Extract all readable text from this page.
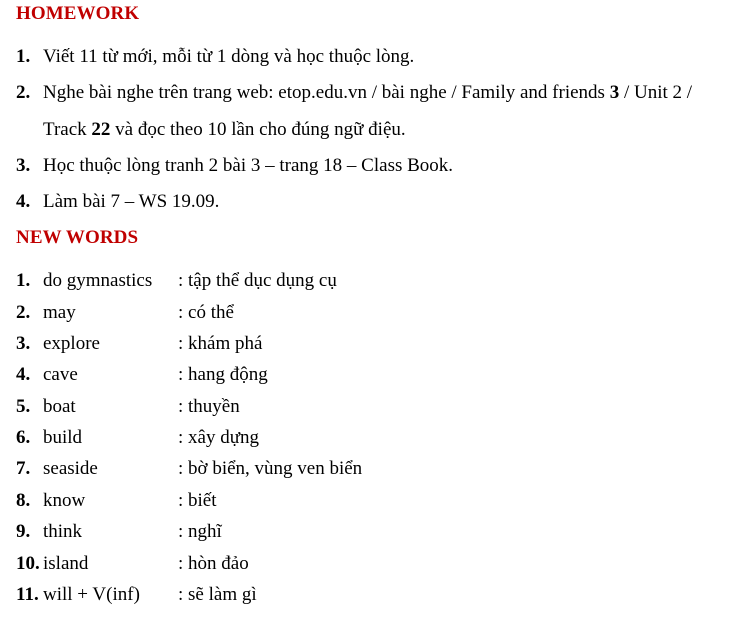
HOMEWORK
1. Viết 11 từ mới, mỗi từ 1 dòng và học thuộc lòng.
2. Nghe bài nghe trên trang web: etop.edu.vn / bài nghe / Family and friends 3 / Unit 2 /
Track 22 và đọc theo 10 lần cho đúng ngữ điệu.
3. Học thuộc lòng tranh 2 bài 3 – trang 18 – Class Book.
4. Làm bài 7 – WS 19.09.
NEW WORDS
1. do gymnastics : tập thể dục dụng cụ
2. may	: có thể
3. explore	: khám phá
4. cave	: hang động
5. boat	: thuyền
6. build	: xây dựng
7. seaside	: bờ biển, vùng ven biển
8. know	: biết
9. think	: nghĩ
10. island	: hòn đảo
11. will + V(inf) : sẽ làm gì
